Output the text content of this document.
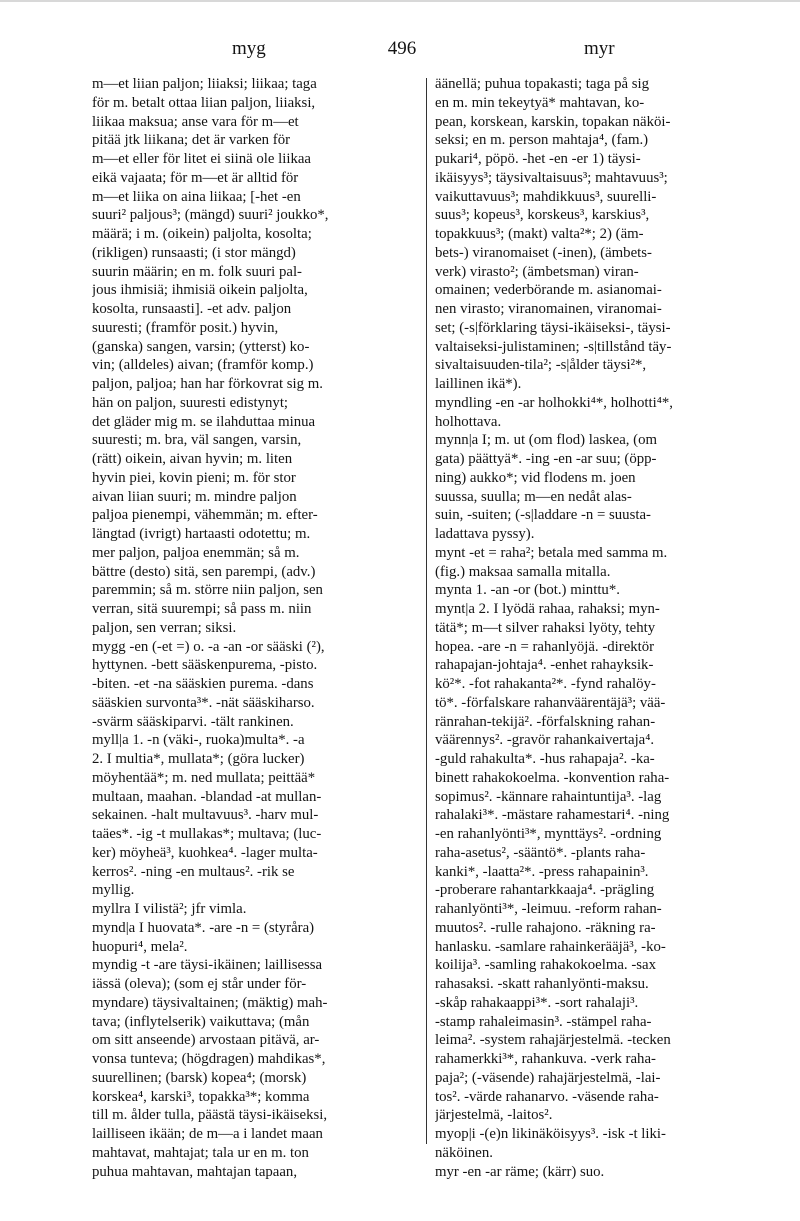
myg	496	myr
m—et liian paljon; liiaksi; liikaa; taga
för m. betalt ottaa liian paljon, liiaksi,
liikaa maksua; anse vara för m—et
pitää jtk liikana; det är varken för
m—et eller för litet ei siinä ole liikaa
eikä vajaata; för m—et är alltid för
m—et liika on aina liikaa; [-het -en
suuri² paljous³; (mängd) suuri² joukko*,
määrä; i m. (oikein) paljolta, kosolta;
(rikligen) runsaasti; (i stor mängd)
suurin määrin; en m. folk suuri pal-
jous ihmisiä; ihmisiä oikein paljolta,
kosolta, runsaasti]. -et adv. paljon
suuresti; (framför posit.) hyvin,
(ganska) sangen, varsin; (ytterst) ko-
vin; (alldeles) aivan; (framför komp.)
paljon, paljoa; han har förkovrat sig m.
hän on paljon, suuresti edistynyt;
det gläder mig m. se ilahduttaa minua
suuresti; m. bra, väl sangen, varsin,
(rätt) oikein, aivan hyvin; m. liten
hyvin piei, kovin pieni; m. för stor
aivan liian suuri; m. mindre paljon
paljoa pienempi, vähemmän; m. efter-
längtad (ivrigt) hartaasti odotettu; m.
mer paljon, paljoa enemmän; så m.
bättre (desto) sitä, sen parempi, (adv.)
paremmin; så m. större niin paljon, sen
verran, sitä suurempi; så pass m. niin
paljon, sen verran; siksi.
mygg -en (-et =) o. -a -an -or sääski (²),
hyttynen. -bett sääskenpurema, -pisto.
-biten. -et -na sääskien purema. -dans
sääskien survonta³*. -nät sääskiharso.
-svärm sääskiparvi. -tält rankinen.
myll|a 1. -n (väki-, ruoka)multa*. -a
2. I multia*, mullata*; (göra lucker)
möyhentää*; m. ned mullata; peittää*
multaan, maahan. -blandad -at mullan-
sekainen. -halt multavuus³. -harv mul-
taäes*. -ig -t mullakas*; multava; (luc-
ker) möyheä³, kuohkea⁴. -lager multa-
kerros². -ning -en multaus². -rik se
myllig.
myllra I vilistä²; jfr vimla.
mynd|a I huovata*. -are -n = (styråra)
huopuri⁴, melа².
myndig -t -are täysi-ikäinen; laillisessa
iässä (oleva); (som ej står under för-
myndare) täysivaltainen; (mäktig) mah-
tava; (inflytelserik) vaikuttava; (mån
om sitt anseende) arvostaan pitävä, ar-
vonsa tunteva; (högdragen) mahdikas*,
suurellinen; (barsk) kopea⁴; (morsk)
korskea⁴, karski³, topakka³*; komma
till m. ålder tulla, päästä täysi-ikäiseksi,
lailliseen ikään; de m—a i landet maan
mahtavat, mahtajat; tala ur en m. ton
puhua mahtavan, mahtajan tapaan,
äänellä; puhua topakasti; taga på sig
en m. min tekeytyä* mahtavan, ko-
pean, korskean, karskin, topakan näköi-
seksi; en m. person mahtaja⁴, (fam.)
pukari⁴, pöpö. -het -en -er 1) täysi-
ikäisyys³; täysivaltaisuus³; mahtavuus³;
vaikuttavuus³; mahdikkuus³, suurelli-
suus³; kopeus³, korskeus³, karskius³,
topakkuus³; (makt) valta²*; 2) (äm-
bets-) viranomaiset (-inen), (ämbets-
verk) virasto²; (ämbetsman) viran-
omainen; vederbörande m. asianomai-
nen virasto; viranomainen, viranomai-
set; (-s|förklaring täysi-ikäiseksi-, täysi-
valtaiseksi-julistaminen; -s|tillstånd täy-
sivaltaisuuden-tila²; -s|ålder täysi²*,
laillinen ikä*).
myndling -en -ar holhokki⁴*, holhotti⁴*,
holhottava.
mynn|a I; m. ut (om flod) laskea, (om
gata) päättyä*. -ing -en -ar suu; (öpp-
ning) aukko*; vid flodens m. joen
suussa, suulla; m—en nedåt alas-
suin, -suiten; (-s|laddare -n = suusta-
ladattava pyssy).
mynt -et = raha²; betala med samma m.
(fig.) maksaa samalla mitalla.
mynta 1. -an -or (bot.) minttu*.
mynt|a 2. I lyödä rahaa, rahaksi; myn-
tätä*; m—t silver rahaksi lyöty, tehty
hopea. -are -n = rahanlyöjä. -direktör
rahapajan-johtaja⁴. -enhet rahayksik-
kö²*. -fot rahakanta²*. -fynd rahalöy-
tö*. -förfalskare rahanväärentäjä³; vää-
ränrahan-tekijä². -förfalskning rahan-
väärennys². -gravör rahankaivertaja⁴.
-guld rahakulta*. -hus rahapaja². -ka-
binett rahakokoelma. -konvention raha-
sopimus². -kännare rahaintuntija³. -lag
rahalaki³*. -mästare rahamestari⁴. -ning
-en rahanlyönti³*, mynttäys². -ordning
raha-asetus², -sääntö*. -plants raha-
kanki*, -laatta²*. -press rahapainin³.
-proberare rahantarkkaaja⁴. -prägling
rahanlyönti³*, -leimuu. -reform rahan-
muutos². -rulle rahajono. -räkning ra-
hanlasku. -samlare rahainkerääjä³, -ko-
koilija³. -samling rahakokoelma. -sax
rahasaksi. -skatt rahanlyönti-maksu.
-skåp rahakaappi³*. -sort rahalaji³.
-stamp rahaleimasin³. -stämpel raha-
leima². -system rahajärjestelmä. -tecken
rahamerkki³*, rahankuva. -verk raha-
paja²; (-väsende) rahajärjestelmä, -lai-
tos². -värde rahanarvo. -väsende raha-
järjestelmä, -laitos².
myop|i -(e)n likinäköisyys³. -isk -t liki-
näköinen.
myr -en -ar räme; (kärr) suo.
